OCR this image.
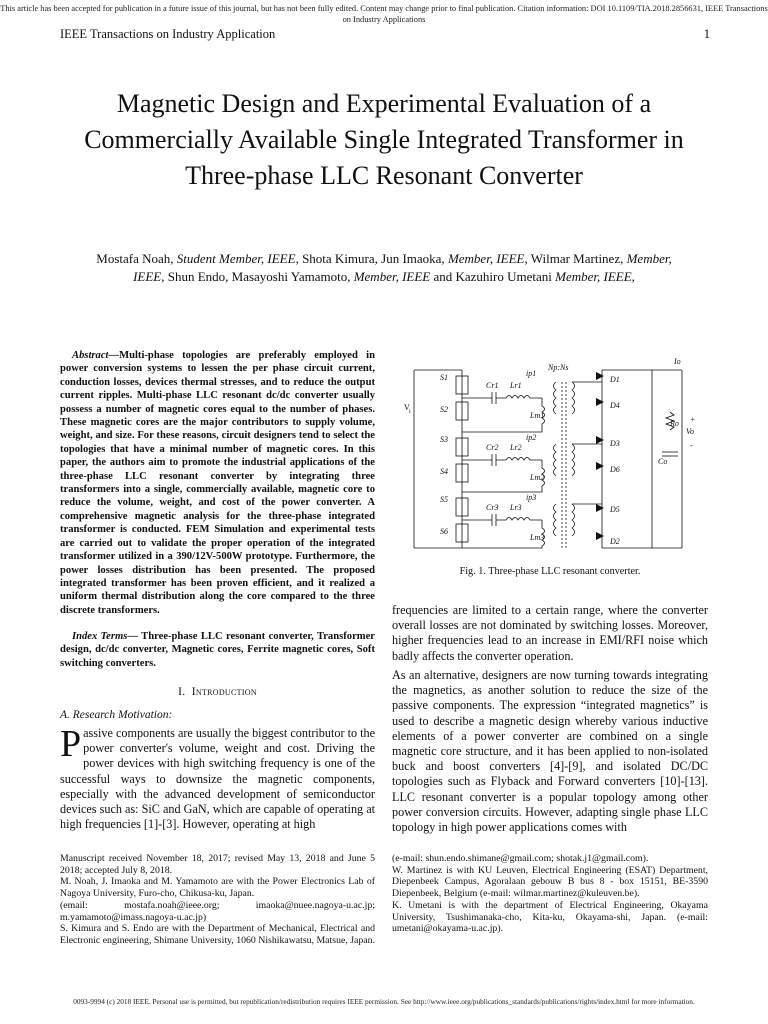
This article has been accepted for publication in a future issue of this journal, but has not been fully edited. Content may change prior to final publication. Citation information: DOI 10.1109/TIA.2018.2856631, IEEE Transactions on Industry Applications
IEEE Transactions on Industry Application	1
Magnetic Design and Experimental Evaluation of a Commercially Available Single Integrated Transformer in Three-phase LLC Resonant Converter
Mostafa Noah, Student Member, IEEE, Shota Kimura, Jun Imaoka, Member, IEEE, Wilmar Martinez, Member, IEEE, Shun Endo, Masayoshi Yamamoto, Member, IEEE and Kazuhiro Umetani Member, IEEE,
Abstract—Multi-phase topologies are preferably employed in power conversion systems to lessen the per phase circuit current, conduction losses, devices thermal stresses, and to reduce the output current ripples. Multi-phase LLC resonant dc/dc converter usually possess a number of magnetic cores equal to the number of phases. These magnetic cores are the major contributors to supply volume, weight, and size. For these reasons, circuit designers tend to select the topologies that have a minimal number of magnetic cores. In this paper, the authors aim to promote the industrial applications of the three-phase LLC resonant converter by integrating three transformers into a single, commercially available, magnetic core to reduce the volume, weight, and cost of the power converter. A comprehensive magnetic analysis for the three-phase integrated transformer is conducted. FEM Simulation and experimental tests are carried out to validate the proper operation of the integrated transformer utilized in a 390/12V-500W prototype. Furthermore, the power losses distribution has been presented. The proposed integrated transformer has been proven efficient, and it realized a uniform thermal distribution along the core compared to the three discrete transformers.
Index Terms— Three-phase LLC resonant converter, Transformer design, dc/dc converter, Magnetic cores, Ferrite magnetic cores, Soft switching converters.
I. Introduction
A. Research Motivation:
Passive components are usually the biggest contributor to the power converter's volume, weight and cost. Driving the power devices with high switching frequency is one of the successful ways to downsize the magnetic components, especially with the advanced development of semiconductor devices such as: SiC and GaN, which are capable of operating at high frequencies [1]-[3]. However, operating at high
Manuscript received November 18, 2017; revised May 13, 2018 and June 5 2018; accepted July 8, 2018.
M. Noah, J. Imaoka and M. Yamamoto are with the Power Electronics Lab of Nagoya University, Furo-cho, Chikusa-ku, Japan.
(email: mostafa.noah@ieee.org; imaoka@nuee.nagoya-u.ac.jp; m.yamamoto@imass.nagoya-u.ac.jp)
S. Kimura and S. Endo are with the Department of Mechanical, Electrical and Electronic engineering, Shimane University, 1060 Nishikawatsu, Matsue, Japan.
V i
S1
S2
S3
S4
S5
S6
Cr1
Cr2
Cr3
Lr1
Lr2
Lr3
Lm1
Lm2
Lm3
ip1
ip2
ip3
Np:Ns
D1
D4
D3
D6
D5
D2
Ro
Vo
Co
Io
+
-
Fig. 1. Three-phase LLC resonant converter.
frequencies are limited to a certain range, where the converter overall losses are not dominated by switching losses. Moreover, higher frequencies lead to an increase in EMI/RFI noise which badly affects the converter operation.
As an alternative, designers are now turning towards integrating the magnetics, as another solution to reduce the size of the passive components. The expression “integrated magnetics” is used to describe a magnetic design whereby various inductive elements of a power converter are combined on a single magnetic core structure, and it has been applied to non-isolated buck and boost converters [4]-[9], and isolated DC/DC topologies such as Flyback and Forward converters [10]-[13]. LLC resonant converter is a popular topology among other power conversion circuits. However, adapting single phase LLC topology in high power applications comes with
(e-mail: shun.endo.shimane@gmail.com; shotak.j1@gmail.com).
W. Martinez is with KU Leuven, Electrical Engineering (ESAT) Department, Diepenbeek Campus, Agoralaan gebouw B bus 8 - box 15151, BE-3590 Diepenbeek, Belgium (e-mail: wilmar.martinez@kuleuven.be).
K. Umetani is with the department of Electrical Engineering, Okayama University, Tsushimanaka-cho, Kita-ku, Okayama-shi, Japan. (e-mail: umetani@okayama-u.ac.jp).
0093-9994 (c) 2018 IEEE. Personal use is permitted, but republication/redistribution requires IEEE permission. See http://www.ieee.org/publications_standards/publications/rights/index.html for more information.
